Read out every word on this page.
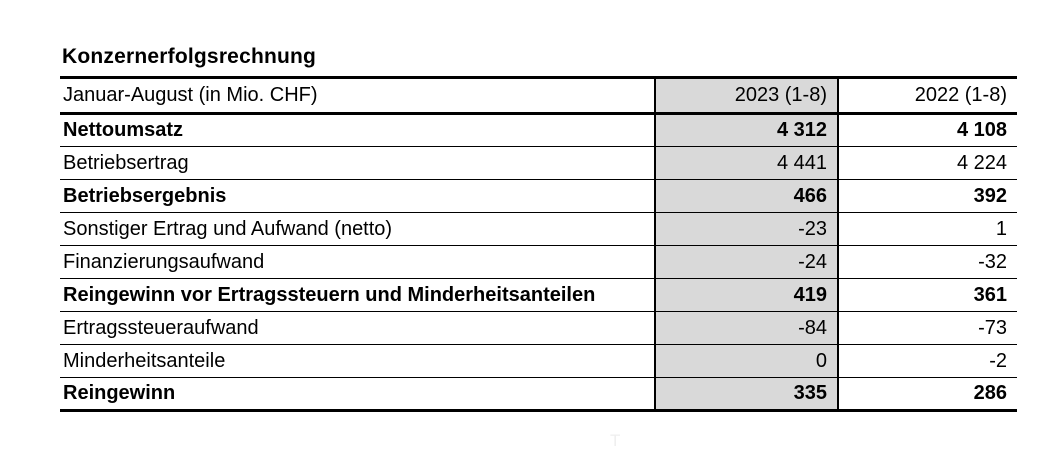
Konzernerfolgsrechnung
Januar-August (in Mio. CHF)	2023 (1-8)	2022 (1-8)
Nettoumsatz	4 312	4 108
Betriebsertrag	4 441	4 224
Betriebsergebnis	466	392
Sonstiger Ertrag und Aufwand (netto)	-23	1
Finanzierungsaufwand	-24	-32
Reingewinn vor Ertragssteuern und Minderheitsanteilen	419	361
Ertragssteueraufwand	-84	-73
Minderheitsanteile	0	-2
Reingewinn	335	286
T
